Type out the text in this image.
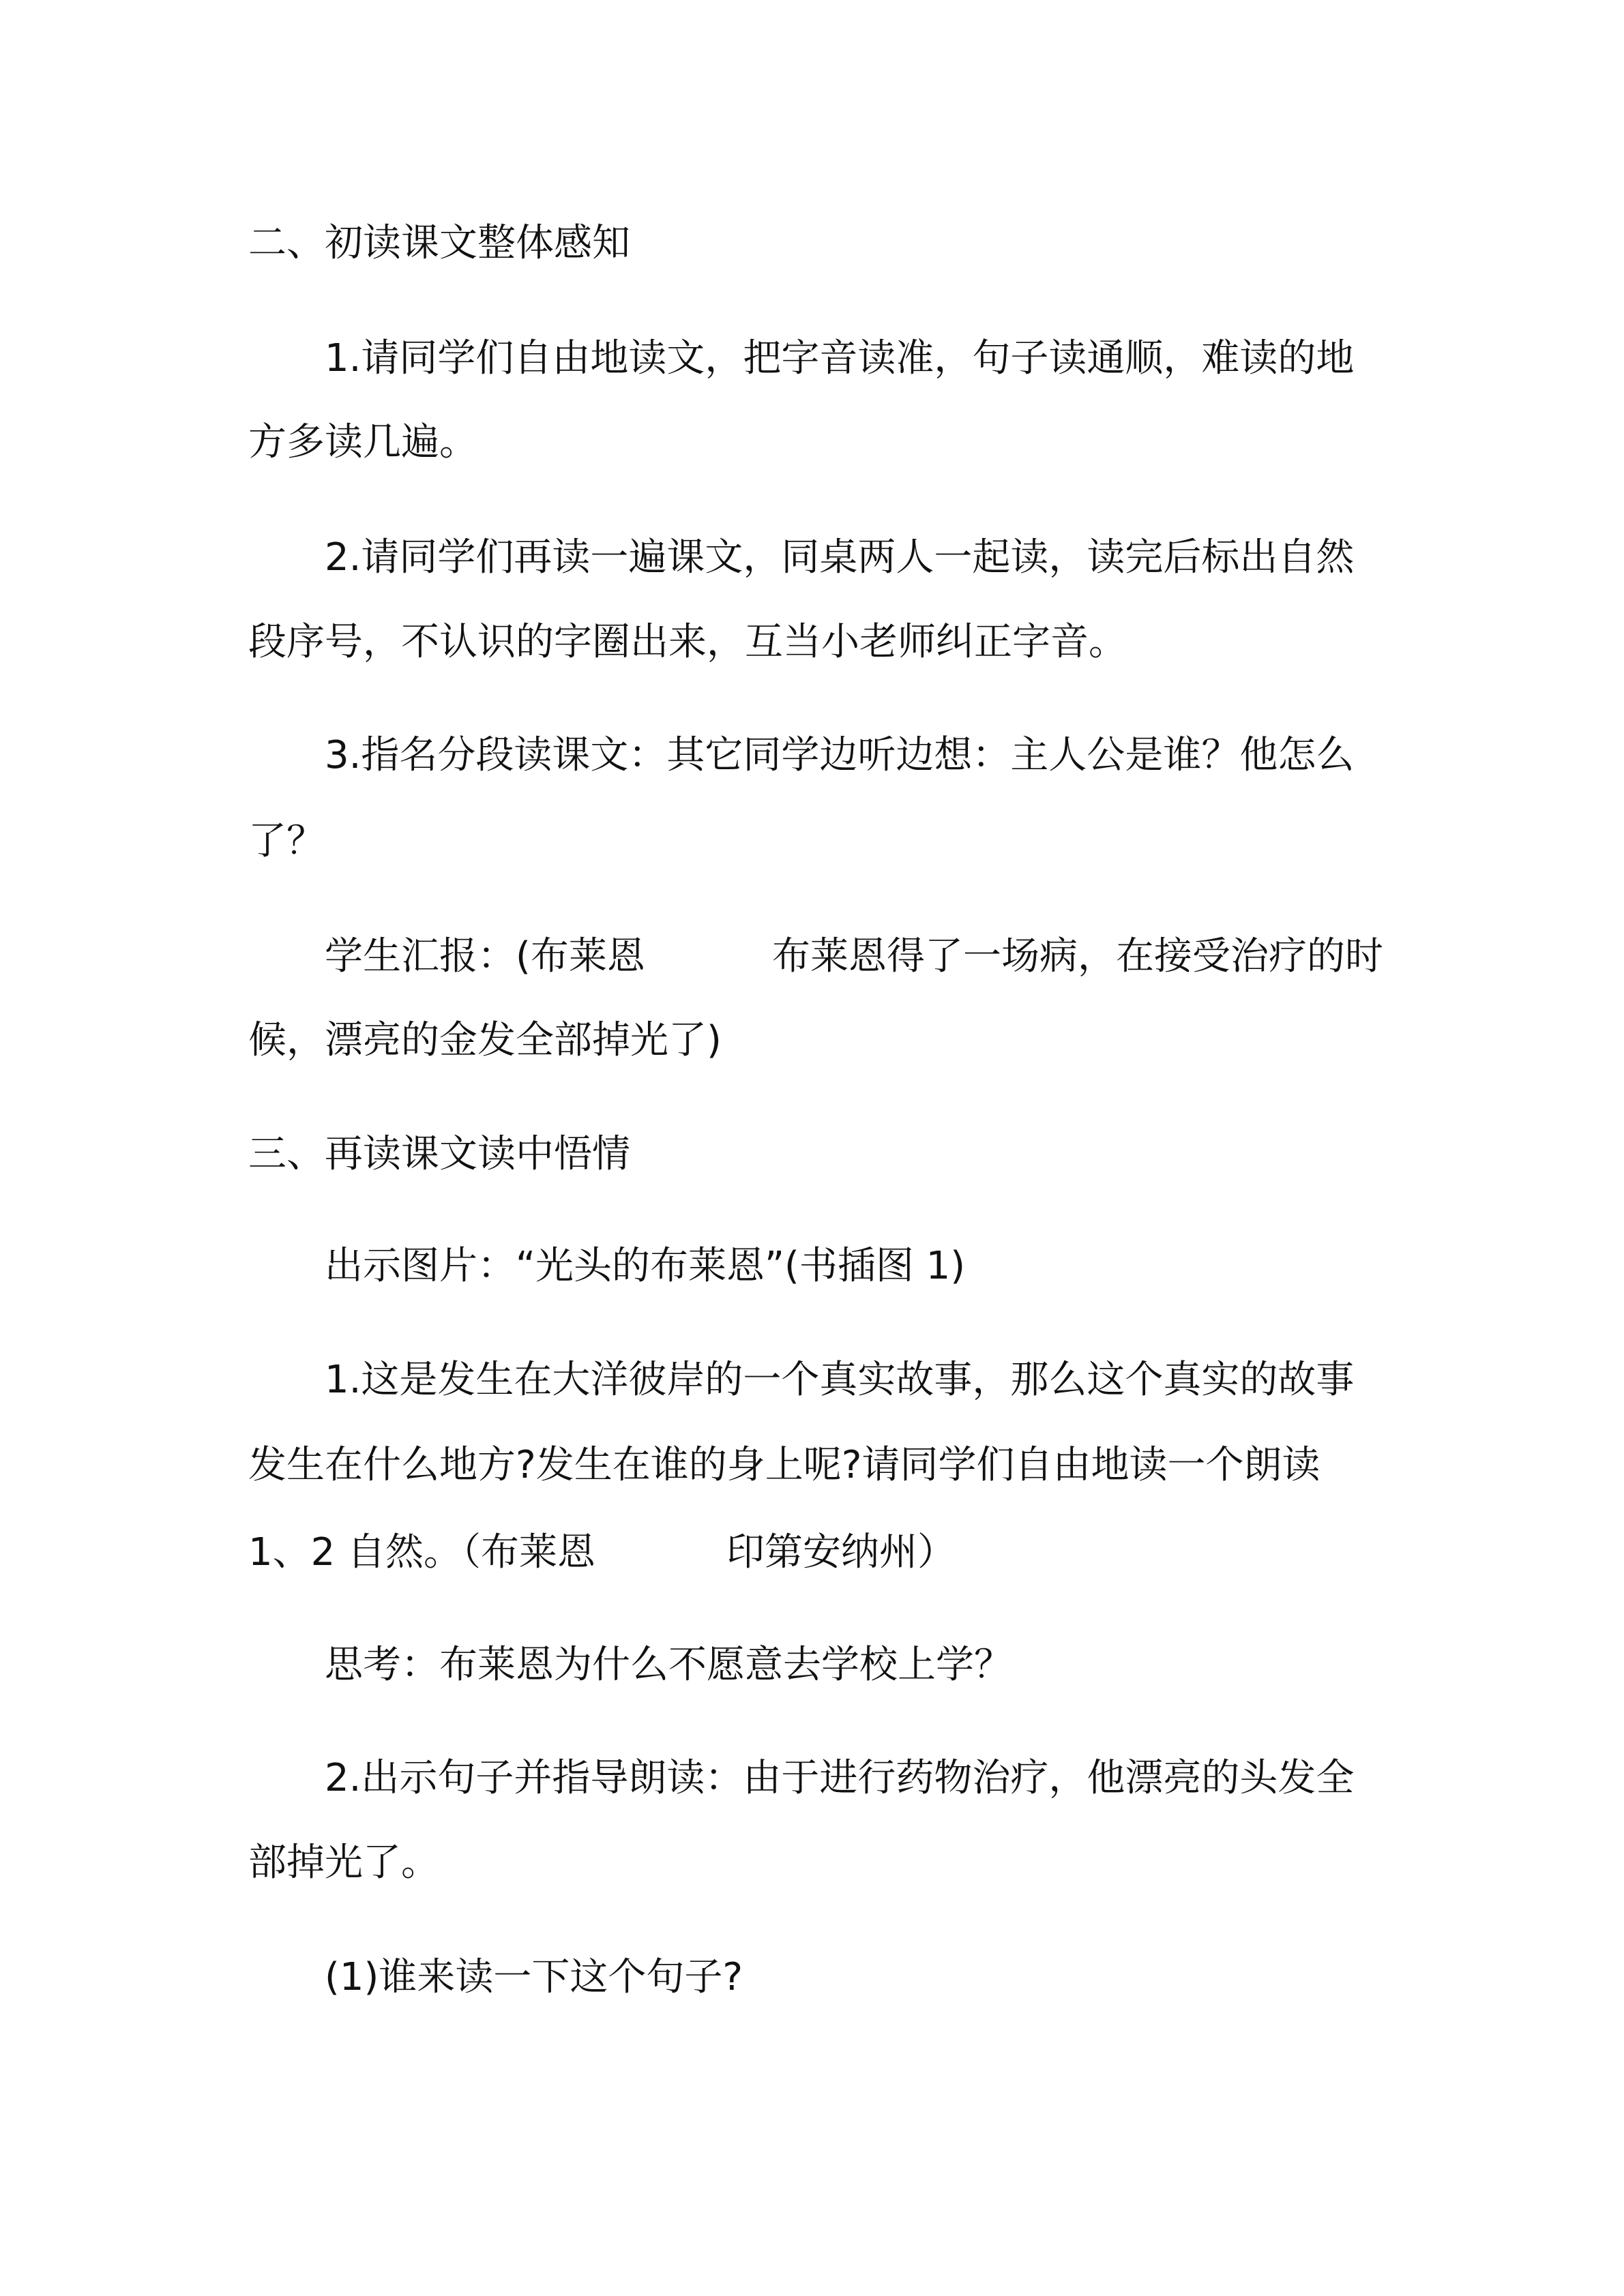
二、初读课文整体感知
1.请同学们自由地读文，把字音读准，句子读通顺，难读的地
方多读几遍。
2.请同学们再读一遍课文，同桌两人一起读，读完后标出自然
段序号，不认识的字圈出来，互当小老师纠正字音。
3.指名分段读课文：其它同学边听边想：主人公是谁？他怎么
了？
学生汇报：(布莱恩	布莱恩得了一场病，在接受治疗的时
候，漂亮的金发全部掉光了)
三、再读课文读中悟情
出示图片：“光头的布莱恩”(书插图 1)
1.这是发生在大洋彼岸的一个真实故事，那么这个真实的故事
发生在什么地方?发生在谁的身上呢?请同学们自由地读一个朗读
1、2 自然。（布莱恩	印第安纳州）
思考：布莱恩为什么不愿意去学校上学？
2.出示句子并指导朗读：由于进行药物治疗，他漂亮的头发全
部掉光了。
(1)谁来读一下这个句子?
